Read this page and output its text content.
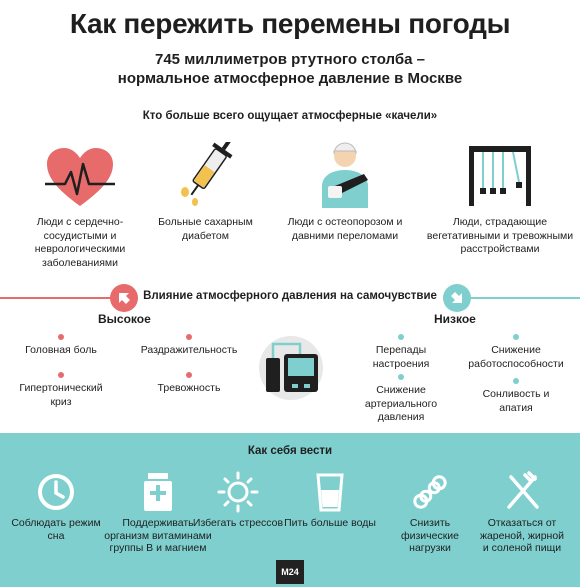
Как пережить перемены погоды
745 миллиметров ртутного столба –
нормальное атмосферное давление в Москве
Кто больше всего ощущает атмосферные «качели»
Люди с сердечно-сосудистыми и неврологическими заболеваниями
Больные сахарным диабетом
Люди с остеопорозом и давними переломами
Люди, страдающие вегетативными и тревожными расстройствами
Влияние атмосферного давления на самочувствие
Высокое	Низкое
Головная боль	Раздражительность
Гипертонический криз
Тревожность
Перепады настроения
Снижение работоспособности
Снижение артериального давления
Сонливость и апатия
Как себя вести
Соблюдать режим сна
Поддерживать организм витаминами группы В и магнием
Избегать стрессов Пить больше воды	Снизить физические нагрузки
Отказаться от жареной, жирной и соленой пищи
M24
